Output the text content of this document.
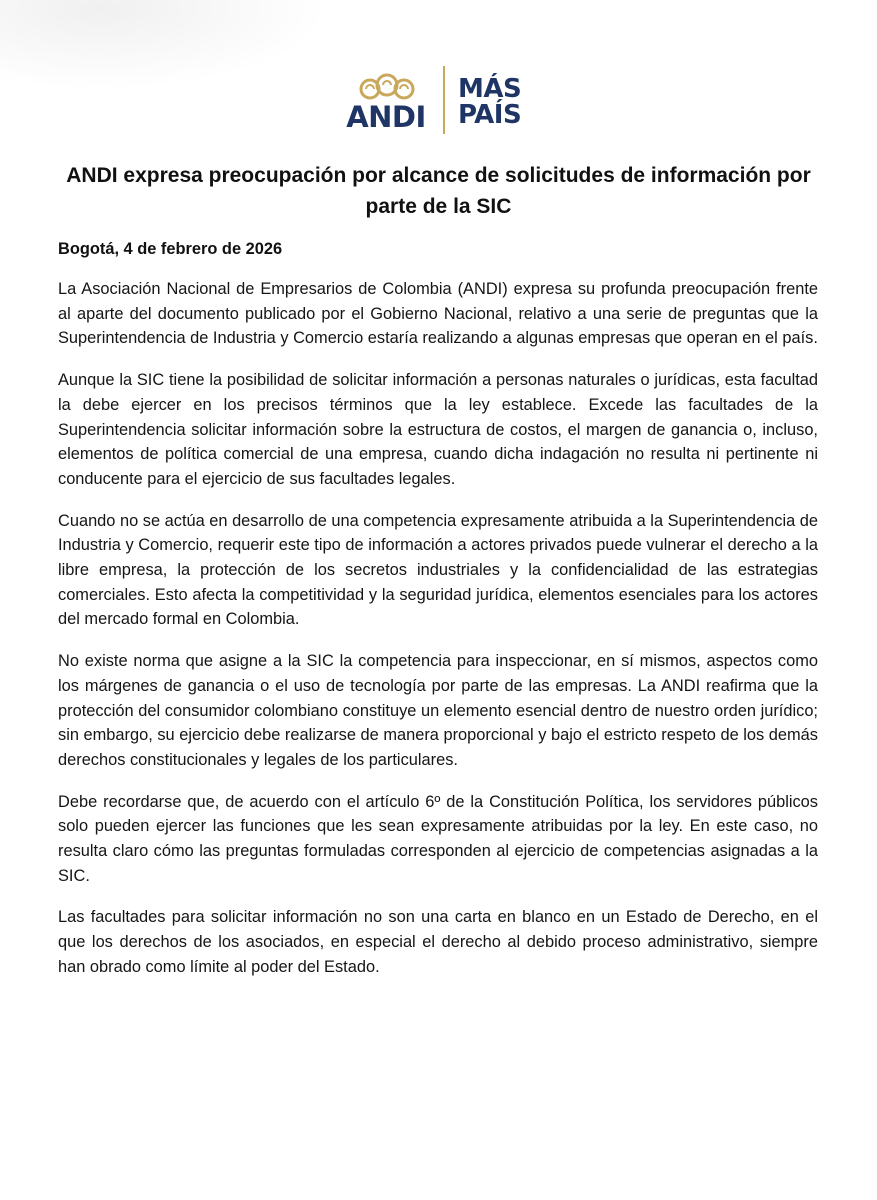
ANDI
MÁS
PAÍS
ANDI expresa preocupación por alcance de solicitudes de información por parte de la SIC
Bogotá, 4 de febrero de 2026

La Asociación Nacional de Empresarios de Colombia (ANDI) expresa su profunda preocupación frente al aparte del documento publicado por el Gobierno Nacional, relativo a una serie de preguntas que la Superintendencia de Industria y Comercio estaría realizando a algunas empresas que operan en el país.

Aunque la SIC tiene la posibilidad de solicitar información a personas naturales o jurídicas, esta facultad la debe ejercer en los precisos términos que la ley establece. Excede las facultades de la Superintendencia solicitar información sobre la estructura de costos, el margen de ganancia o, incluso, elementos de política comercial de una empresa, cuando dicha indagación no resulta ni pertinente ni conducente para el ejercicio de sus facultades legales.

Cuando no se actúa en desarrollo de una competencia expresamente atribuida a la Superintendencia de Industria y Comercio, requerir este tipo de información a actores privados puede vulnerar el derecho a la libre empresa, la protección de los secretos industriales y la confidencialidad de las estrategias comerciales. Esto afecta la competitividad y la seguridad jurídica, elementos esenciales para los actores del mercado formal en Colombia.

No existe norma que asigne a la SIC la competencia para inspeccionar, en sí mismos, aspectos como los márgenes de ganancia o el uso de tecnología por parte de las empresas. La ANDI reafirma que la protección del consumidor colombiano constituye un elemento esencial dentro de nuestro orden jurídico; sin embargo, su ejercicio debe realizarse de manera proporcional y bajo el estricto respeto de los demás derechos constitucionales y legales de los particulares.

Debe recordarse que, de acuerdo con el artículo 6º de la Constitución Política, los servidores públicos solo pueden ejercer las funciones que les sean expresamente atribuidas por la ley. En este caso, no resulta claro cómo las preguntas formuladas corresponden al ejercicio de competencias asignadas a la SIC.

Las facultades para solicitar información no son una carta en blanco en un Estado de Derecho, en el que los derechos de los asociados, en especial el derecho al debido proceso administrativo, siempre han obrado como límite al poder del Estado.
